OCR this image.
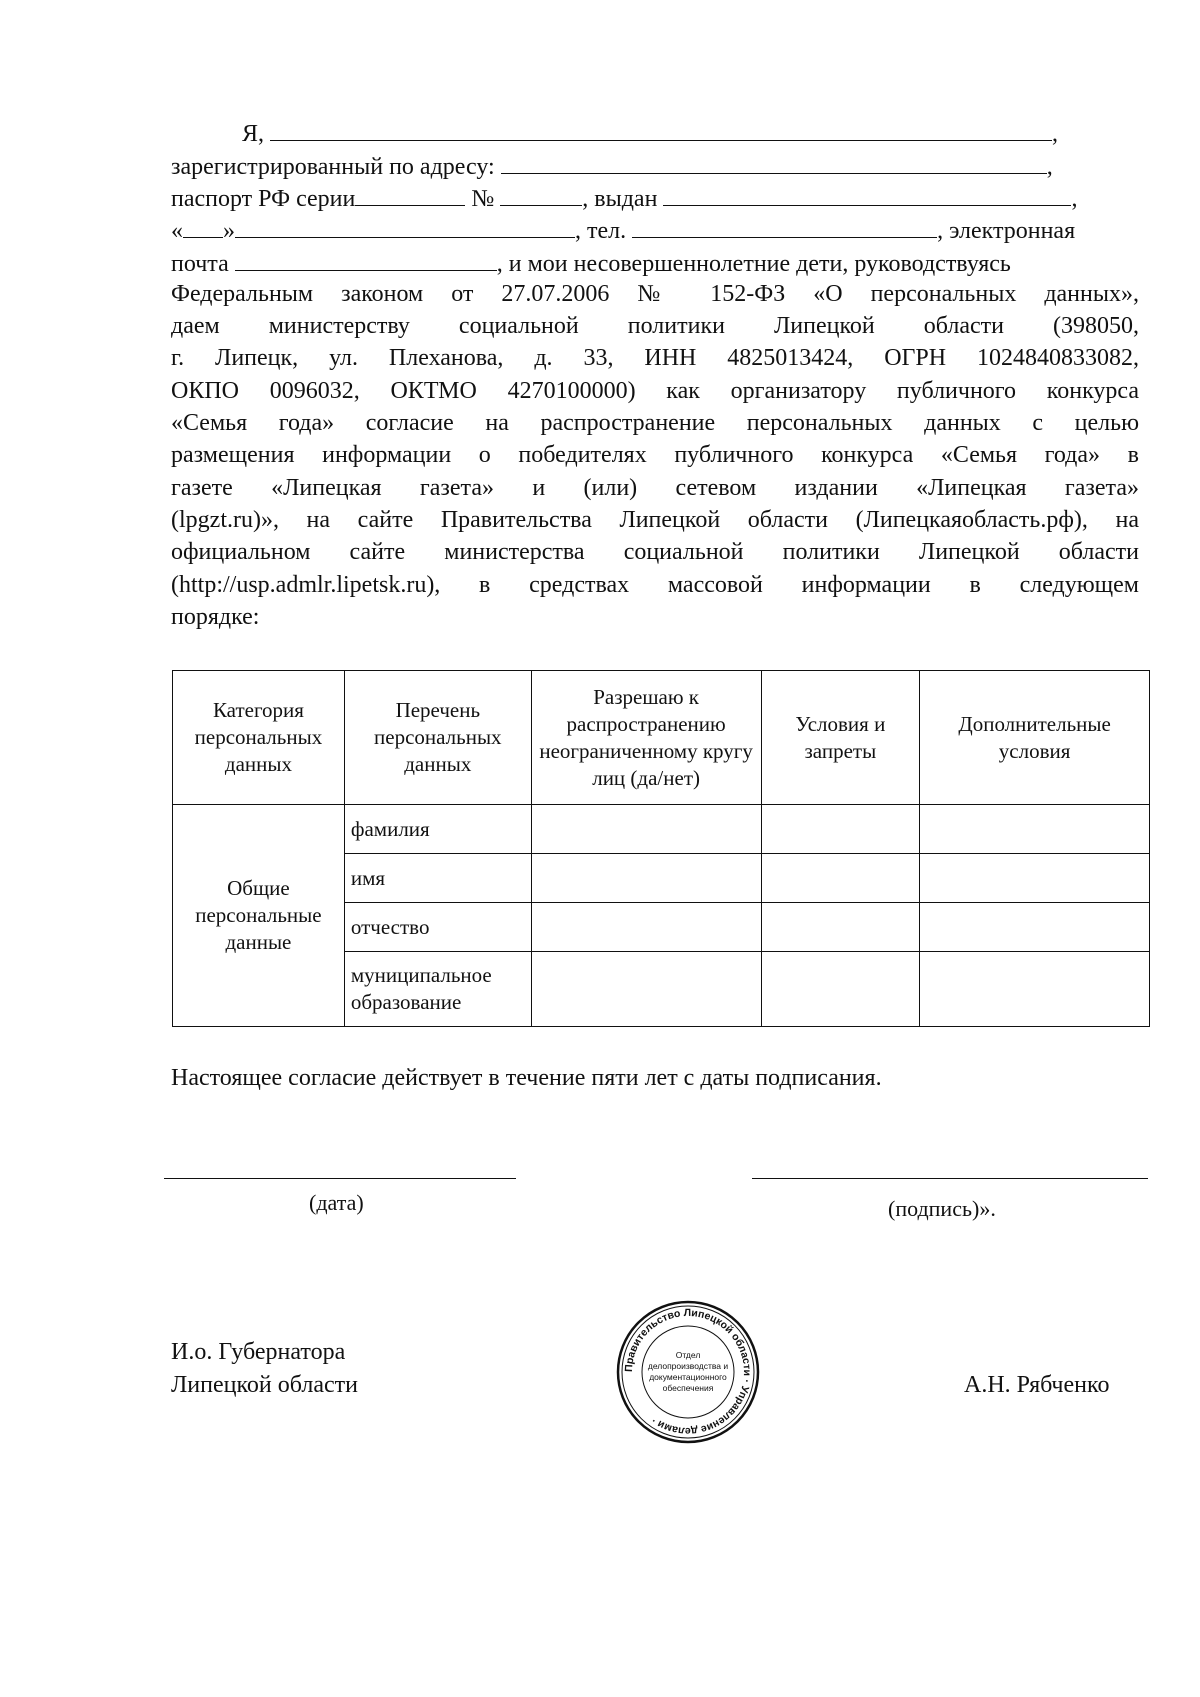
Я,	,
зарегистрированный по адресу:	,
паспорт РФ серии	№	, выдан	,
« »	, тел.	, электронная
почта	, и мои несовершеннолетние дети, руководствуясь
Федеральным законом от 27.07.2006 № 152-ФЗ «О персональных данных»,
даем министерству социальной политики Липецкой области (398050,
г. Липецк, ул. Плеханова, д. 33, ИНН 4825013424, ОГРН 1024840833082,
ОКПО 0096032, ОКТМО 4270100000) как организатору публичного конкурса
«Семья года» согласие на распространение персональных данных с целью
размещения информации о победителях публичного конкурса «Семья года» в
газете «Липецкая газета» и (или) сетевом издании «Липецкая газета»
(lpgzt.ru)», на сайте Правительства Липецкой области (Липецкаяобласть.рф), на
официальном сайте министерства социальной политики Липецкой области
(http://usp.admlr.lipetsk.ru), в средствах массовой информации в следующем
порядке:
Категория персональных данных	Перечень персональных данных	Разрешаю к распространению неограниченному кругу лиц (да/нет)	Условия и запреты	Дополнительные условия
Общие персональные данные	фамилия			
	имя			
	отчество			
	муниципальное образование			
Настоящее согласие действует в течение пяти лет с даты подписания.
(дата)	(подпись)».
И.о. Губернатора
Липецкой области	А.Н. Рябченко
Правительство Липецкой области · Управление делами ·
Отдел
делопроизводства и
документационного
обеспечения
